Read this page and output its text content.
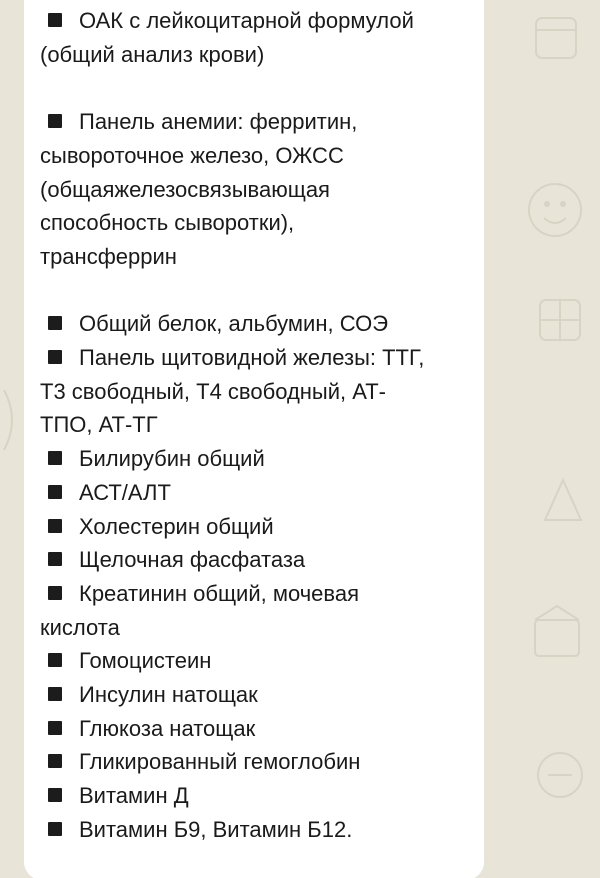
ОАК с лейкоцитарной формулой
(общий анализ крови)
Панель анемии: ферритин,
сывороточное железо, ОЖСС
(общаяжелезосвязывающая
способность сыворотки),
трансферрин
Общий белок, альбумин, СОЭ
Панель щитовидной железы: ТТГ,
Т3 свободный, Т4 свободный, АТ-
ТПО, АТ-ТГ
Билирубин общий
АСТ/АЛТ
Холестерин общий
Щелочная фасфатаза
Креатинин общий, мочевая
кислота
Гомоцистеин
Инсулин натощак
Глюкоза натощак
Гликированный гемоглобин
Витамин Д
Витамин Б9, Витамин Б12.
